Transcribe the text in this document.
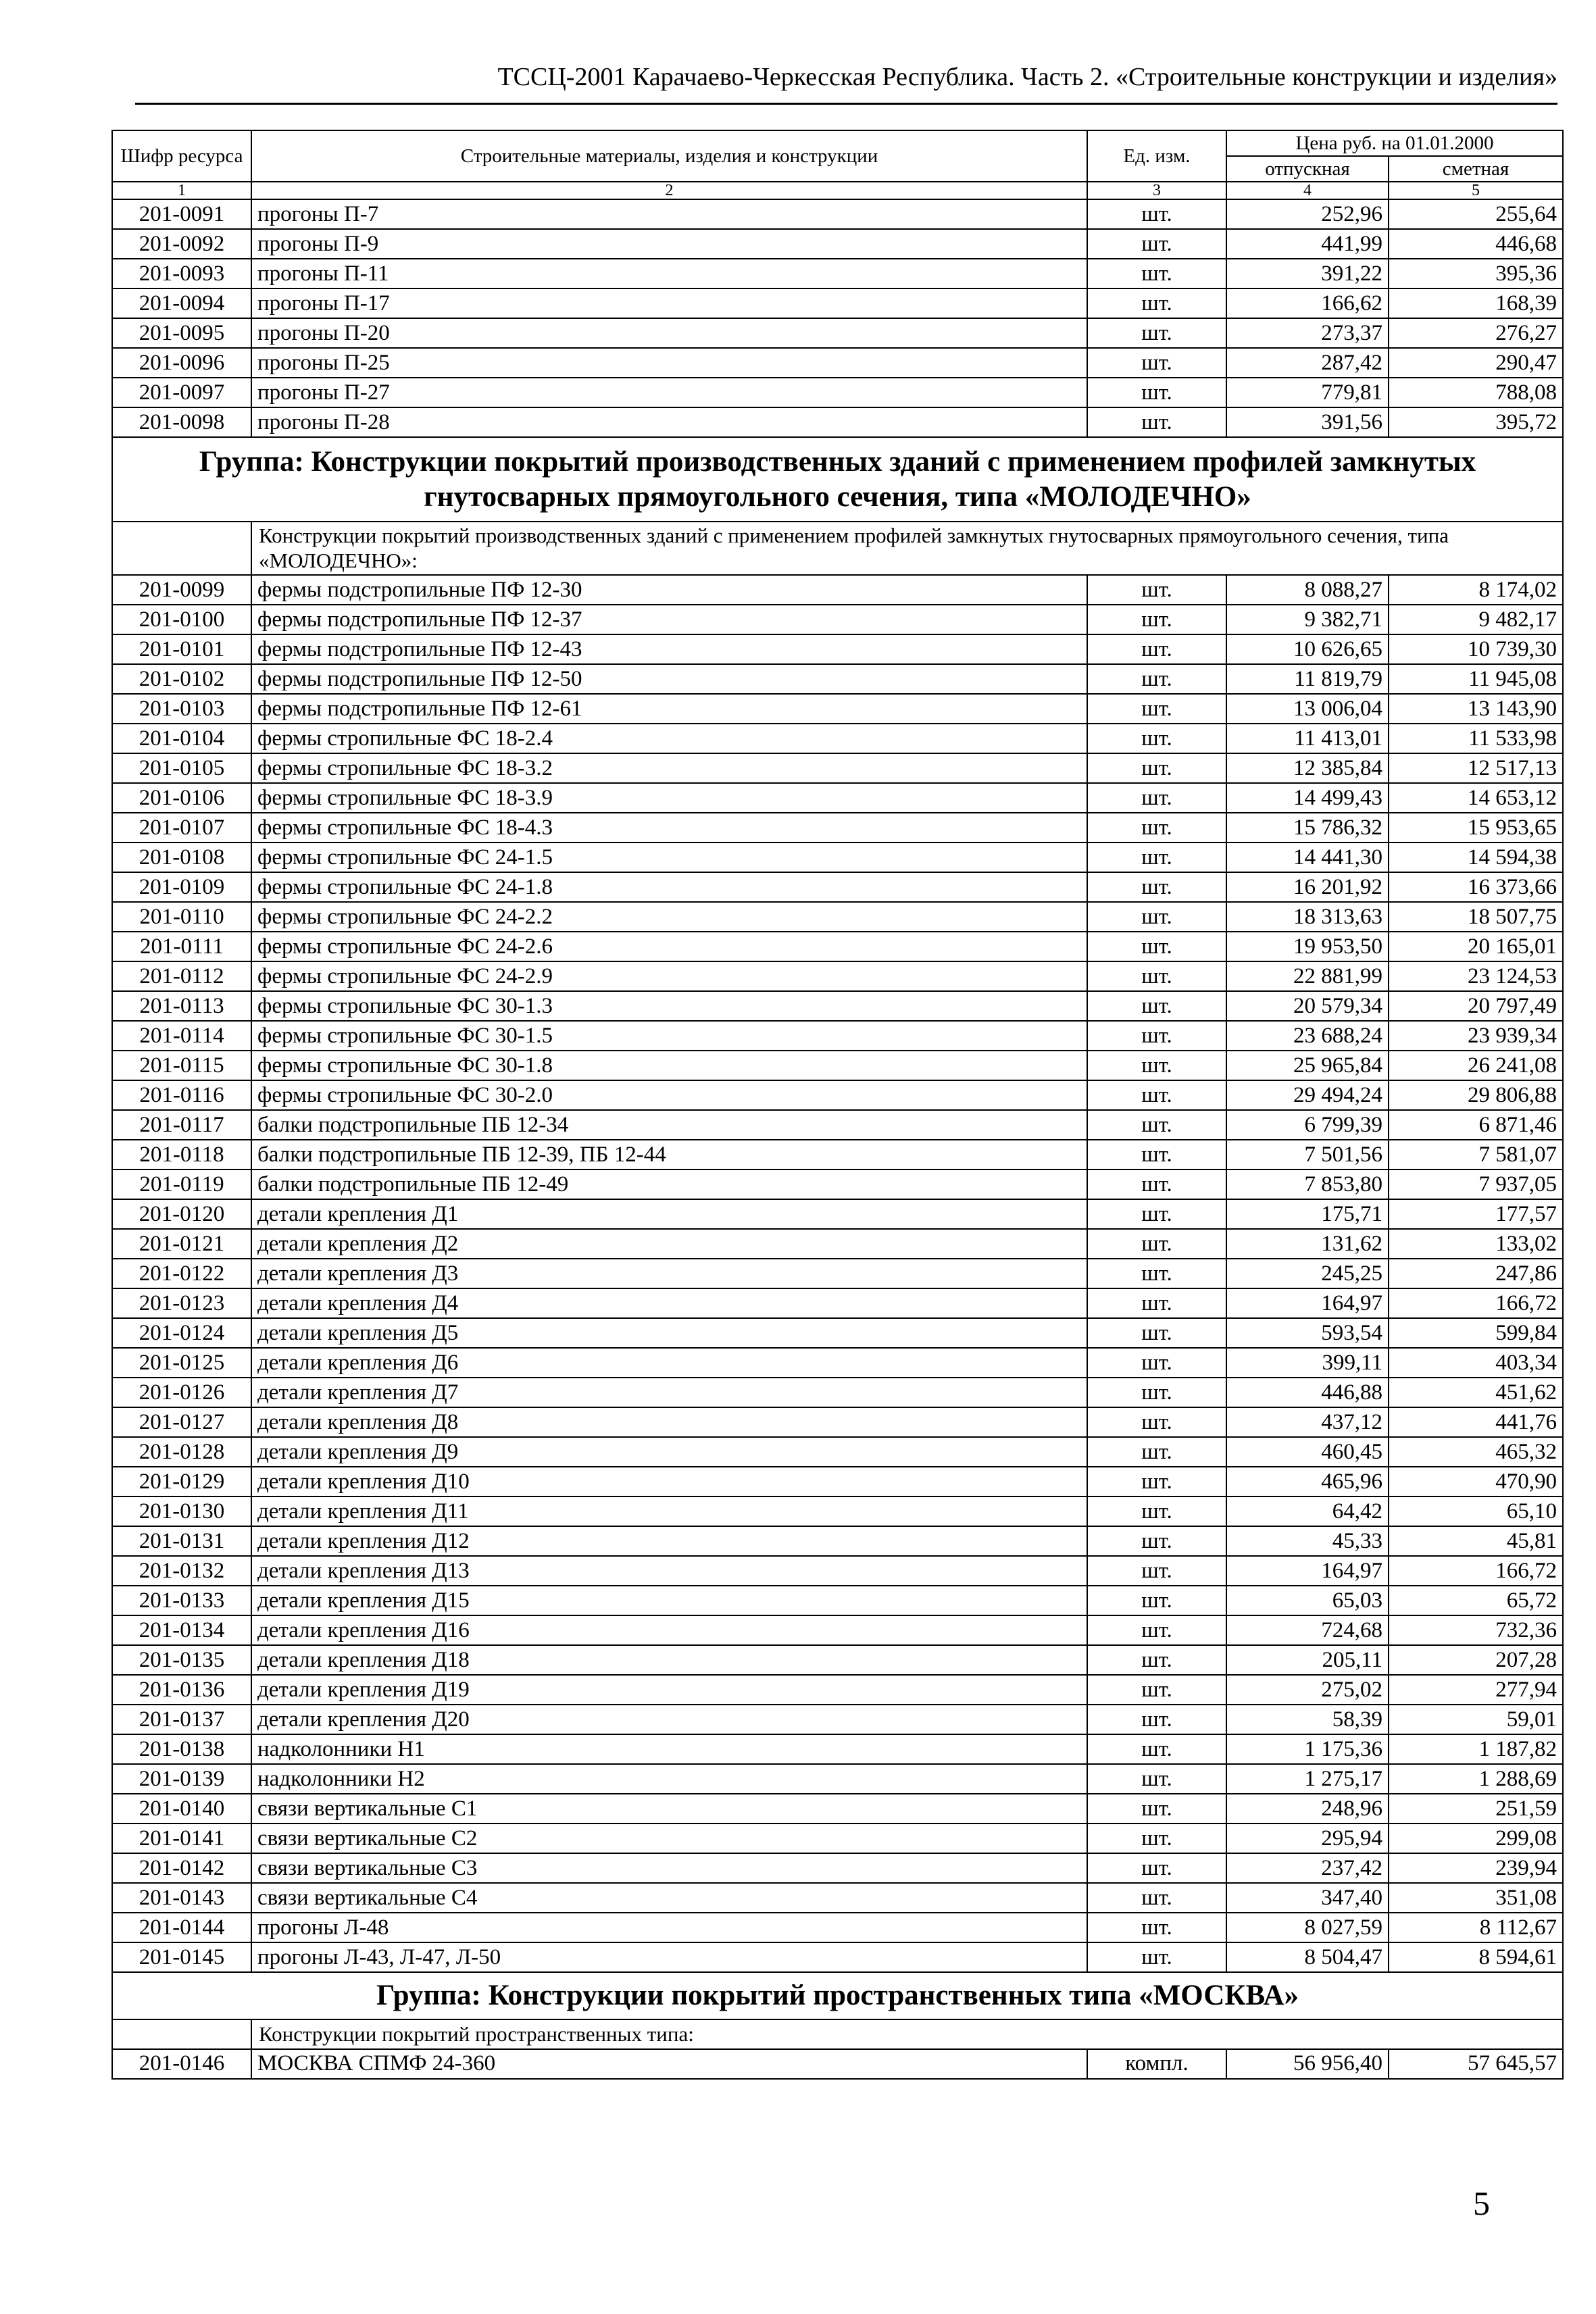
ТССЦ-2001 Карачаево-Черкесская Республика. Часть 2. «Строительные конструкции и изделия»
Шифр ресурса	Строительные материалы, изделия и конструкции	Ед. изм.	Цена руб. на 01.01.2000	
			отпускная	сметная
1	2	3	4	5
201-0091	прогоны П-7	шт.	252,96	255,64
201-0092	прогоны П-9	шт.	441,99	446,68
201-0093	прогоны П-11	шт.	391,22	395,36
201-0094	прогоны П-17	шт.	166,62	168,39
201-0095	прогоны П-20	шт.	273,37	276,27
201-0096	прогоны П-25	шт.	287,42	290,47
201-0097	прогоны П-27	шт.	779,81	788,08
201-0098	прогоны П-28	шт.	391,56	395,72
Группа: Конструкции покрытий производственных зданий с применением профилей замкнутых гнутосварных прямоугольного сечения, типа «МОЛОДЕЧНО»				
	Конструкции покрытий производственных зданий с применением профилей замкнутых гнутосварных прямоугольного сечения, типа «МОЛОДЕЧНО»:			
201-0099	фермы подстропильные ПФ 12-30	шт.	8 088,27	8 174,02
201-0100	фермы подстропильные ПФ 12-37	шт.	9 382,71	9 482,17
201-0101	фермы подстропильные ПФ 12-43	шт.	10 626,65	10 739,30
201-0102	фермы подстропильные ПФ 12-50	шт.	11 819,79	11 945,08
201-0103	фермы подстропильные ПФ 12-61	шт.	13 006,04	13 143,90
201-0104	фермы стропильные ФС 18-2.4	шт.	11 413,01	11 533,98
201-0105	фермы стропильные ФС 18-3.2	шт.	12 385,84	12 517,13
201-0106	фермы стропильные ФС 18-3.9	шт.	14 499,43	14 653,12
201-0107	фермы стропильные ФС 18-4.3	шт.	15 786,32	15 953,65
201-0108	фермы стропильные ФС 24-1.5	шт.	14 441,30	14 594,38
201-0109	фермы стропильные ФС 24-1.8	шт.	16 201,92	16 373,66
201-0110	фермы стропильные ФС 24-2.2	шт.	18 313,63	18 507,75
201-0111	фермы стропильные ФС 24-2.6	шт.	19 953,50	20 165,01
201-0112	фермы стропильные ФС 24-2.9	шт.	22 881,99	23 124,53
201-0113	фермы стропильные ФС 30-1.3	шт.	20 579,34	20 797,49
201-0114	фермы стропильные ФС 30-1.5	шт.	23 688,24	23 939,34
201-0115	фермы стропильные ФС 30-1.8	шт.	25 965,84	26 241,08
201-0116	фермы стропильные ФС 30-2.0	шт.	29 494,24	29 806,88
201-0117	балки подстропильные ПБ 12-34	шт.	6 799,39	6 871,46
201-0118	балки подстропильные ПБ 12-39, ПБ 12-44	шт.	7 501,56	7 581,07
201-0119	балки подстропильные ПБ 12-49	шт.	7 853,80	7 937,05
201-0120	детали крепления Д1	шт.	175,71	177,57
201-0121	детали крепления Д2	шт.	131,62	133,02
201-0122	детали крепления Д3	шт.	245,25	247,86
201-0123	детали крепления Д4	шт.	164,97	166,72
201-0124	детали крепления Д5	шт.	593,54	599,84
201-0125	детали крепления Д6	шт.	399,11	403,34
201-0126	детали крепления Д7	шт.	446,88	451,62
201-0127	детали крепления Д8	шт.	437,12	441,76
201-0128	детали крепления Д9	шт.	460,45	465,32
201-0129	детали крепления Д10	шт.	465,96	470,90
201-0130	детали крепления Д11	шт.	64,42	65,10
201-0131	детали крепления Д12	шт.	45,33	45,81
201-0132	детали крепления Д13	шт.	164,97	166,72
201-0133	детали крепления Д15	шт.	65,03	65,72
201-0134	детали крепления Д16	шт.	724,68	732,36
201-0135	детали крепления Д18	шт.	205,11	207,28
201-0136	детали крепления Д19	шт.	275,02	277,94
201-0137	детали крепления Д20	шт.	58,39	59,01
201-0138	надколонники Н1	шт.	1 175,36	1 187,82
201-0139	надколонники Н2	шт.	1 275,17	1 288,69
201-0140	связи вертикальные С1	шт.	248,96	251,59
201-0141	связи вертикальные С2	шт.	295,94	299,08
201-0142	связи вертикальные С3	шт.	237,42	239,94
201-0143	связи вертикальные С4	шт.	347,40	351,08
201-0144	прогоны Л-48	шт.	8 027,59	8 112,67
201-0145	прогоны Л-43, Л-47, Л-50	шт.	8 504,47	8 594,61
Группа: Конструкции покрытий пространственных типа «МОСКВА»				
	Конструкции покрытий пространственных типа:			
201-0146	МОСКВА СПМФ 24-360	компл.	56 956,40	57 645,57
5
